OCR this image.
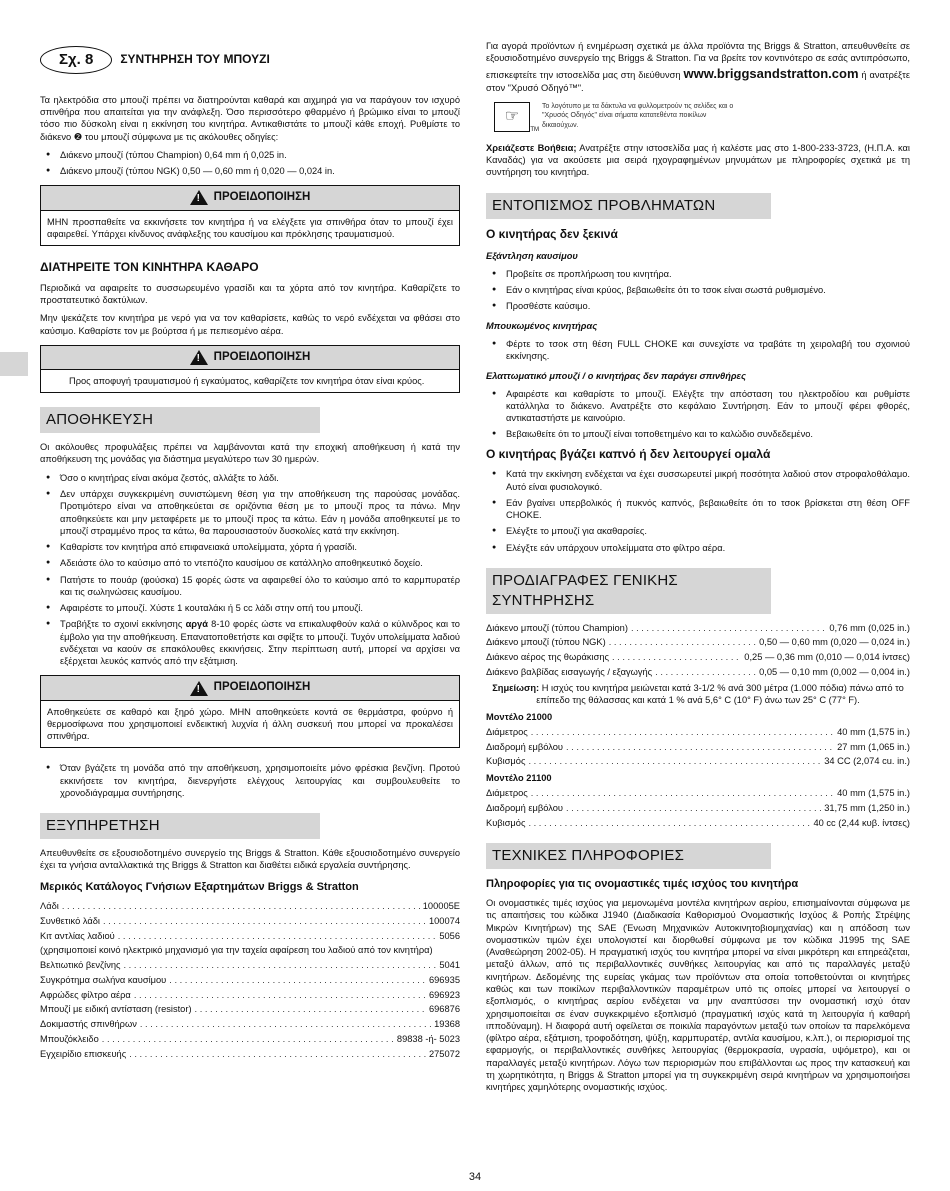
Σχ. 8	ΣΥΝΤΗΡΗΣΗ ΤΟΥ ΜΠΟΥΖΙ

Τα ηλεκτρόδια στο μπουζί πρέπει να διατηρούνται καθαρά και αιχμηρά για να παράγουν τον ισχυρό σπινθήρα που απαιτείται για την ανάφλεξη. Όσο περισσότερο φθαρμένο ή βρώμικο είναι το μπουζί τόσο πιο δύσκολη είναι η εκκίνηση του κινητήρα. Αντικαθιστάτε το μπουζί κάθε εποχή. Ρυθμίστε το διάκενο ❷ του μπουζί σύμφωνα με τις ακόλουθες οδηγίες:

● Διάκενο μπουζί (τύπου Champion) 0,64 mm ή 0,025 in.
● Διάκενο μπουζί (τύπου NGK) 0,50 — 0,60 mm ή 0,020 — 0,024 in.
!
ΠΡΟΕΙΔΟΠΟΙΗΣΗ
ΜΗΝ προσπαθείτε να εκκινήσετε τον κινητήρα ή να ελέγξετε για σπινθήρα όταν το μπουζί έχει αφαιρεθεί. Υπάρχει κίνδυνος ανάφλεξης του καυσίμου και πρόκλησης τραυματισμού.
ΔΙΑΤΗΡΕΙΤΕ ΤΟΝ ΚΙΝΗΤΗΡΑ ΚΑΘΑΡΟ

Περιοδικά να αφαιρείτε το συσσωρευμένο γρασίδι και τα χόρτα από τον κινητήρα. Καθαρίζετε το προστατευτικό δακτύλιων.

Μην ψεκάζετε τον κινητήρα με νερό για να τον καθαρίσετε, καθώς το νερό ενδέχεται να φθάσει στο καύσιμο. Καθαρίστε τον με βούρτσα ή με πεπιεσμένο αέρα.

!
ΠΡΟΕΙΔΟΠΟΙΗΣΗ
Προς αποφυγή τραυματισμού ή εγκαύματος, καθαρίζετε τον κινητήρα όταν είναι κρύος.
ΑΠΟΘΗΚΕΥΣΗ

Οι ακόλουθες προφυλάξεις πρέπει να λαμβάνονται κατά την εποχική αποθήκευση ή κατά την αποθήκευση της μονάδας για διάστημα μεγαλύτερο των 30 ημερών.

● Όσο ο κινητήρας είναι ακόμα ζεστός, αλλάξτε το λάδι.
● Δεν υπάρχει συγκεκριμένη συνιστώμενη θέση για την αποθήκευση της παρούσας μονάδας. Προτιμότερο είναι να αποθηκεύεται σε οριζόντια θέση με το μπουζί προς τα πάνω. Μην αποθηκεύετε και μην μεταφέρετε με το μπουζί προς τα κάτω. Εάν η μονάδα αποθηκευτεί με το μπουζί στραμμένο προς τα κάτω, θα παρουσιαστούν δυσκολίες κατά την εκκίνηση.
● Καθαρίστε τον κινητήρα από επιφανειακά υπολείμματα, χόρτα ή γρασίδι.
● Αδειάστε όλο το καύσιμο από το ντεπόζιτο καυσίμου σε κατάλληλο αποθηκευτικό δοχείο.
● Πατήστε το πουάρ (φούσκα) 15 φορές ώστε να αφαιρεθεί όλο το καύσιμο από το καρμπυρατέρ και τις σωληνώσεις καυσίμου.
● Αφαιρέστε το μπουζί. Χύστε 1 κουταλάκι ή 5 cc λάδι στην οπή του μπουζί.
● Τραβήξτε το σχοινί εκκίνησης αργά 8-10 φορές ώστε να επικαλυφθούν καλά ο κύλινδρος και το έμβολο για την αποθήκευση. Επανατοποθετήστε και σφίξτε το μπουζί. Τυχόν υπολείμματα λαδιού ενδέχεται να καούν σε επακόλουθες εκκινήσεις. Στην περίπτωση αυτή, μπορεί να αρχίσει να εξέρχεται λευκός καπνός από την εξάτμιση.
!
ΠΡΟΕΙΔΟΠΟΙΗΣΗ
Αποθηκεύετε σε καθαρό και ξηρό χώρο. ΜΗΝ αποθηκεύετε κοντά σε θερμάστρα, φούρνο ή θερμοσίφωνα που χρησιμοποιεί ενδεικτική λυχνία ή άλλη συσκευή που μπορεί να προκαλέσει σπινθήρα.
● Όταν βγάζετε τη μονάδα από την αποθήκευση, χρησιμοποιείτε μόνο φρέσκια βενζίνη. Προτού εκκινήσετε τον κινητήρα, διενεργήστε ελέγχους λειτουργίας και συμβουλευθείτε το χρονοδιάγραμμα συντήρησης.
ΕΞΥΠΗΡΕΤΗΣΗ

Απευθυνθείτε σε εξουσιοδοτημένο συνεργείο της Briggs & Stratton. Κάθε εξουσιοδοτημένο συνεργείο έχει τα γνήσια ανταλλακτικά της Briggs & Stratton και διαθέτει ειδικά εργαλεία συντήρησης.

Μερικός Κατάλογος Γνήσιων Εξαρτημάτων Briggs & Stratton
Λάδι . . .	100005E
Συνθετικό λάδι . . .	100074
Κιτ αντλίας λαδιού . . .	5056
(χρησιμοποιεί κοινό ηλεκτρικό μηχανισμό για την ταχεία αφαίρεση του λαδιού από τον κινητήρα)
Βελτιωτικό βενζίνης . . .	5041
Συγκρότημα σωλήνα καυσίμου . . .	696935
Αφρώδες φίλτρο αέρα . . .	696923
Μπουζί με ειδική αντίσταση (resistor) . . .	696876
Δοκιμαστής σπινθήρων . . .	19368
Μπουζόκλειδο . . .	89838 -ή- 5023
Εγχειρίδιο επισκευής . . .	275072

Για αγορά προϊόντων ή ενημέρωση σχετικά με άλλα προϊόντα της Briggs & Stratton, απευθυνθείτε σε εξουσιοδοτημένο συνεργείο της Briggs & Stratton. Για να βρείτε τον κοντινότερο σε εσάς αντιπρόσωπο, επισκεφτείτε την ιστοσελίδα μας στη διεύθυνση www.briggsandstratton.com ή ανατρέξτε στον "Χρυσό Οδηγό™".

☞
TM
Το λογότυπο με τα δάκτυλα να φυλλομετρούν τις σελίδες και ο "Χρυσός Οδηγός" είναι σήματα κατατεθέντα ποικίλων δικαιούχων.

Χρειάζεστε Βοήθεια; Ανατρέξτε στην ιστοσελίδα μας ή καλέστε μας στο 1-800-233-3723, (Η.Π.Α. και Καναδάς) για να ακούσετε μια σειρά ηχογραφημένων μηνυμάτων με πληροφορίες σχετικά με τη συντήρηση του κινητήρα.

ΕΝΤΟΠΙΣΜΟΣ ΠΡΟΒΛΗΜΑΤΩΝ
Ο κινητήρας δεν ξεκινά
Εξάντληση καυσίμου
● Προβείτε σε προπλήρωση του κινητήρα.
● Εάν ο κινητήρας είναι κρύος, βεβαιωθείτε ότι το τσοκ είναι σωστά ρυθμισμένο.
● Προσθέστε καύσιμο.
Μπουκωμένος κινητήρας
● Φέρτε το τσοκ στη θέση FULL CHOKE και συνεχίστε να τραβάτε τη χειρολαβή του σχοινιού εκκίνησης.
Ελαττωματικό μπουζί / ο κινητήρας δεν παράγει σπινθήρες
● Αφαιρέστε και καθαρίστε το μπουζί. Ελέγξτε την απόσταση του ηλεκτροδίου και ρυθμίστε κατάλληλα το διάκενο. Ανατρέξτε στο κεφάλαιο Συντήρηση. Εάν το μπουζί φέρει φθορές, αντικαταστήστε με καινούριο.
● Βεβαιωθείτε ότι το μπουζί είναι τοποθετημένο και το καλώδιο συνδεδεμένο.
Ο κινητήρας βγάζει καπνό ή δεν λειτουργεί ομαλά
● Κατά την εκκίνηση ενδέχεται να έχει συσσωρευτεί μικρή ποσότητα λαδιού στον στροφαλοθάλαμο. Αυτό είναι φυσιολογικό.
● Εάν βγαίνει υπερβολικός ή πυκνός καπνός, βεβαιωθείτε ότι το τσοκ βρίσκεται στη θέση OFF CHOKE.
● Ελέγξτε το μπουζί για ακαθαρσίες.
● Ελέγξτε εάν υπάρχουν υπολείμματα στο φίλτρο αέρα.
ΠΡΟΔΙΑΓΡΑΦΕΣ ΓΕΝΙΚΗΣ ΣΥΝΤΗΡΗΣΗΣ
Διάκενο μπουζί (τύπου Champion) . . .	0,76 mm (0,025 in.)
Διάκενο μπουζί (τύπου NGK) . . .	0,50 — 0,60 mm (0,020 — 0,024 in.)
Διάκενο αέρος της θωράκισης . . .	0,25 — 0,36 mm (0,010 — 0,014 ίντσες)
Διάκενο βαλβίδας εισαγωγής / εξαγωγής . . .	0,05 — 0,10 mm (0,002 — 0,004 in.)

Σημείωση: Η ισχύς του κινητήρα μειώνεται κατά 3-1/2 % ανά 300 μέτρα (1.000 πόδια) πάνω από το επίπεδο της θάλασσας και κατά 1 % ανά 5,6° C (10° F) άνω των 25° C (77° F).

Μοντέλο 21000
Διάμετρος . . .	40 mm (1,575 in.)
Διαδρομή εμβόλου . . .	27 mm (1,065 in.)
Κυβισμός . . .	34 CC (2,074 cu. in.)
Μοντέλο 21100
Διάμετρος . . .	40 mm (1,575 in.)
Διαδρομή εμβόλου . . .	31,75 mm (1,250 in.)
Κυβισμός . . .	40 cc (2,44 κυβ. ίντσες)
ΤΕΧΝΙΚΕΣ ΠΛΗΡΟΦΟΡΙΕΣ
Πληροφορίες για τις ονομαστικές τιμές ισχύος του κινητήρα

Οι ονομαστικές τιμές ισχύος για μεμονωμένα μοντέλα κινητήρων αερίου, επισημαίνονται σύμφωνα με τις απαιτήσεις του κώδικα J1940 (Διαδικασία Καθορισμού Ονομαστικής Ισχύος & Ροπής Στρέψης Μικρών Κινητήρων) της SAE (Ένωση Μηχανικών Αυτοκινητοβιομηχανίας) και η απόδοση των ονομαστικών τιμών έχει υπολογιστεί και διορθωθεί σύμφωνα με τον κώδικα J1995 της SAE (Αναθεώρηση 2002-05). Η πραγματική ισχύς του κινητήρα μπορεί να είναι μικρότερη και επηρεάζεται, μεταξύ άλλων, από τις περιβαλλοντικές συνθήκες λειτουργίας και από τις παραλλαγές μεταξύ κινητήρων. Δεδομένης της ευρείας γκάμας των προϊόντων στα οποία τοποθετούνται οι κινητήρες καθώς και των ποικίλων περιβαλλοντικών παραμέτρων υπό τις οποίες μπορεί να λειτουργεί ο εξοπλισμός, ο κινητήρας αερίου ενδέχεται να μην αναπτύσσει την ονομαστική ισχύ όταν χρησιμοποιείται σε έναν συγκεκριμένο εξοπλισμό (πραγματική ισχύς κατά τη λειτουργία ή καθαρή ιπποδύναμη). Η διαφορά αυτή οφείλεται σε ποικιλία παραγόντων μεταξύ των οποίων τα παρελκόμενα (φίλτρο αέρα, εξάτμιση, τροφοδότηση, ψύξη, καρμπυρατέρ, αντλία καυσίμου, κ.λπ.), οι περιορισμοί της εφαρμογής, οι περιβαλλοντικές συνθήκες λειτουργίας (θερμοκρασία, υγρασία, υψόμετρο), και οι παραλλαγές μεταξύ κινητήρων. Λόγω των περιορισμών που επιβάλλονται ως προς την κατασκευή και τη χωρητικότητα, η Briggs & Stratton μπορεί για τη συγκεκριμένη σειρά κινητήρων να χρησιμοποιήσει κινητήρες χαμηλότερης ονομαστικής ισχύος.

34
